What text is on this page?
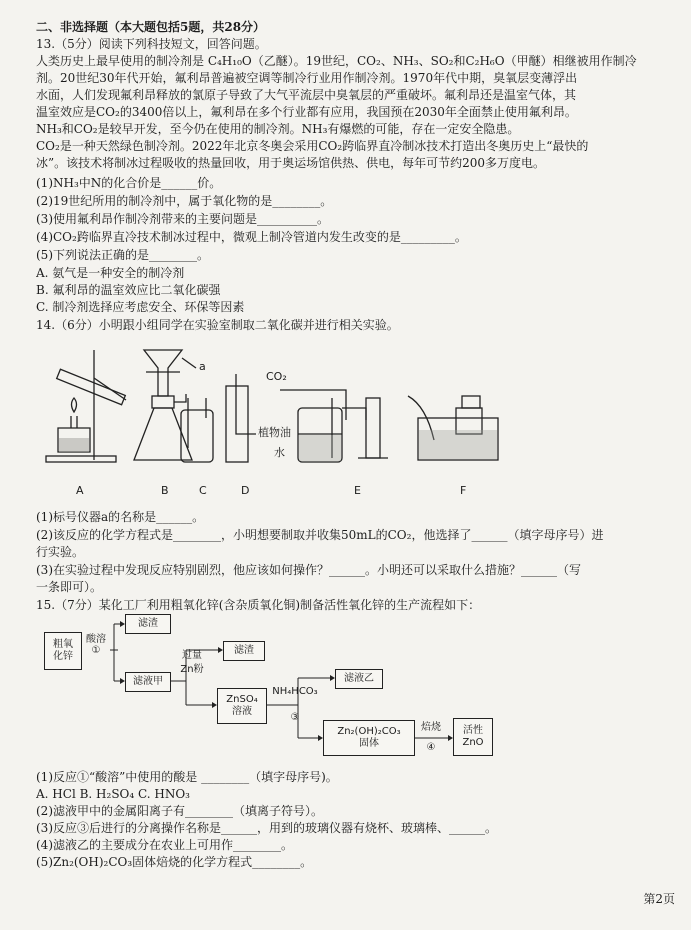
二、非选择题（本大题包括5题，共28分）
13.（5分）阅读下列科技短文，回答问题。
人类历史上最早使用的制冷剂是 C₄H₁₀O（乙醚）。19世纪，CO₂、NH₃、SO₂和C₂H₆O（甲醚）相继被用作制冷
剂。20世纪30年代开始，氟利昂普遍被空调等制冷行业用作制冷剂。1970年代中期，臭氧层变薄浮出
水面，人们发现氟利昂释放的氯原子导致了大气平流层中臭氧层的严重破坏。氟利昂还是温室气体，其
温室效应是CO₂的3400倍以上，氟利昂在多个行业都有应用，我国预在2030年全面禁止使用氟利昂。
NH₃和CO₂是较早开发，至今仍在使用的制冷剂。NH₃有爆燃的可能，存在一定安全隐患。
CO₂是一种天然绿色制冷剂。2022年北京冬奥会采用CO₂跨临界直冷制冰技术打造出冬奥历史上“最快的
冰”。该技术将制冰过程吸收的热量回收，用于奥运场馆供热、供电，每年可节约200多万度电。
(1)NH₃中N的化合价是______价。
(2)19世纪所用的制冷剂中，属于氧化物的是________。
(3)使用氟利昂作制冷剂带来的主要问题是__________。
(4)CO₂跨临界直冷技术制冰过程中，微观上制冷管道内发生改变的是_________。
(5)下列说法正确的是________。
A. 氨气是一种安全的制冷剂
B. 氟利昂的温室效应比二氧化碳强
C. 制冷剂选择应考虑安全、环保等因素
14.（6分）小明跟小组同学在实验室制取二氧化碳并进行相关实验。
a
CO₂
植物油
水
A	B	C	D	E	F
(1)标号仪器a的名称是______。
(2)该反应的化学方程式是________，小明想要制取并收集50mL的CO₂，他选择了______（填字母序号）进
行实验。
(3)在实验过程中发现反应特别剧烈，他应该如何操作？______。小明还可以采取什么措施？______（写
一条即可）。
15.（7分）某化工厂利用粗氧化锌(含杂质氧化铜)制备活性氧化锌的生产流程如下：
粗氧化锌
酸溶①
滤渣
滤液甲
过量
Zn粉
滤渣
ZnSO₄
溶液
NH₄HCO₃
③
滤液乙
Zn₂(OH)₂CO₃
固体
焙烧
④
活性
ZnO
(1)反应①“酸溶”中使用的酸是 ________（填字母序号)。
A. HCl B. H₂SO₄ C. HNO₃
(2)滤液甲中的金属阳离子有________（填离子符号）。
(3)反应③后进行的分离操作名称是______，用到的玻璃仪器有烧杯、玻璃棒、______。
(4)滤液乙的主要成分在农业上可用作________。
(5)Zn₂(OH)₂CO₃固体焙烧的化学方程式________。
第2页
